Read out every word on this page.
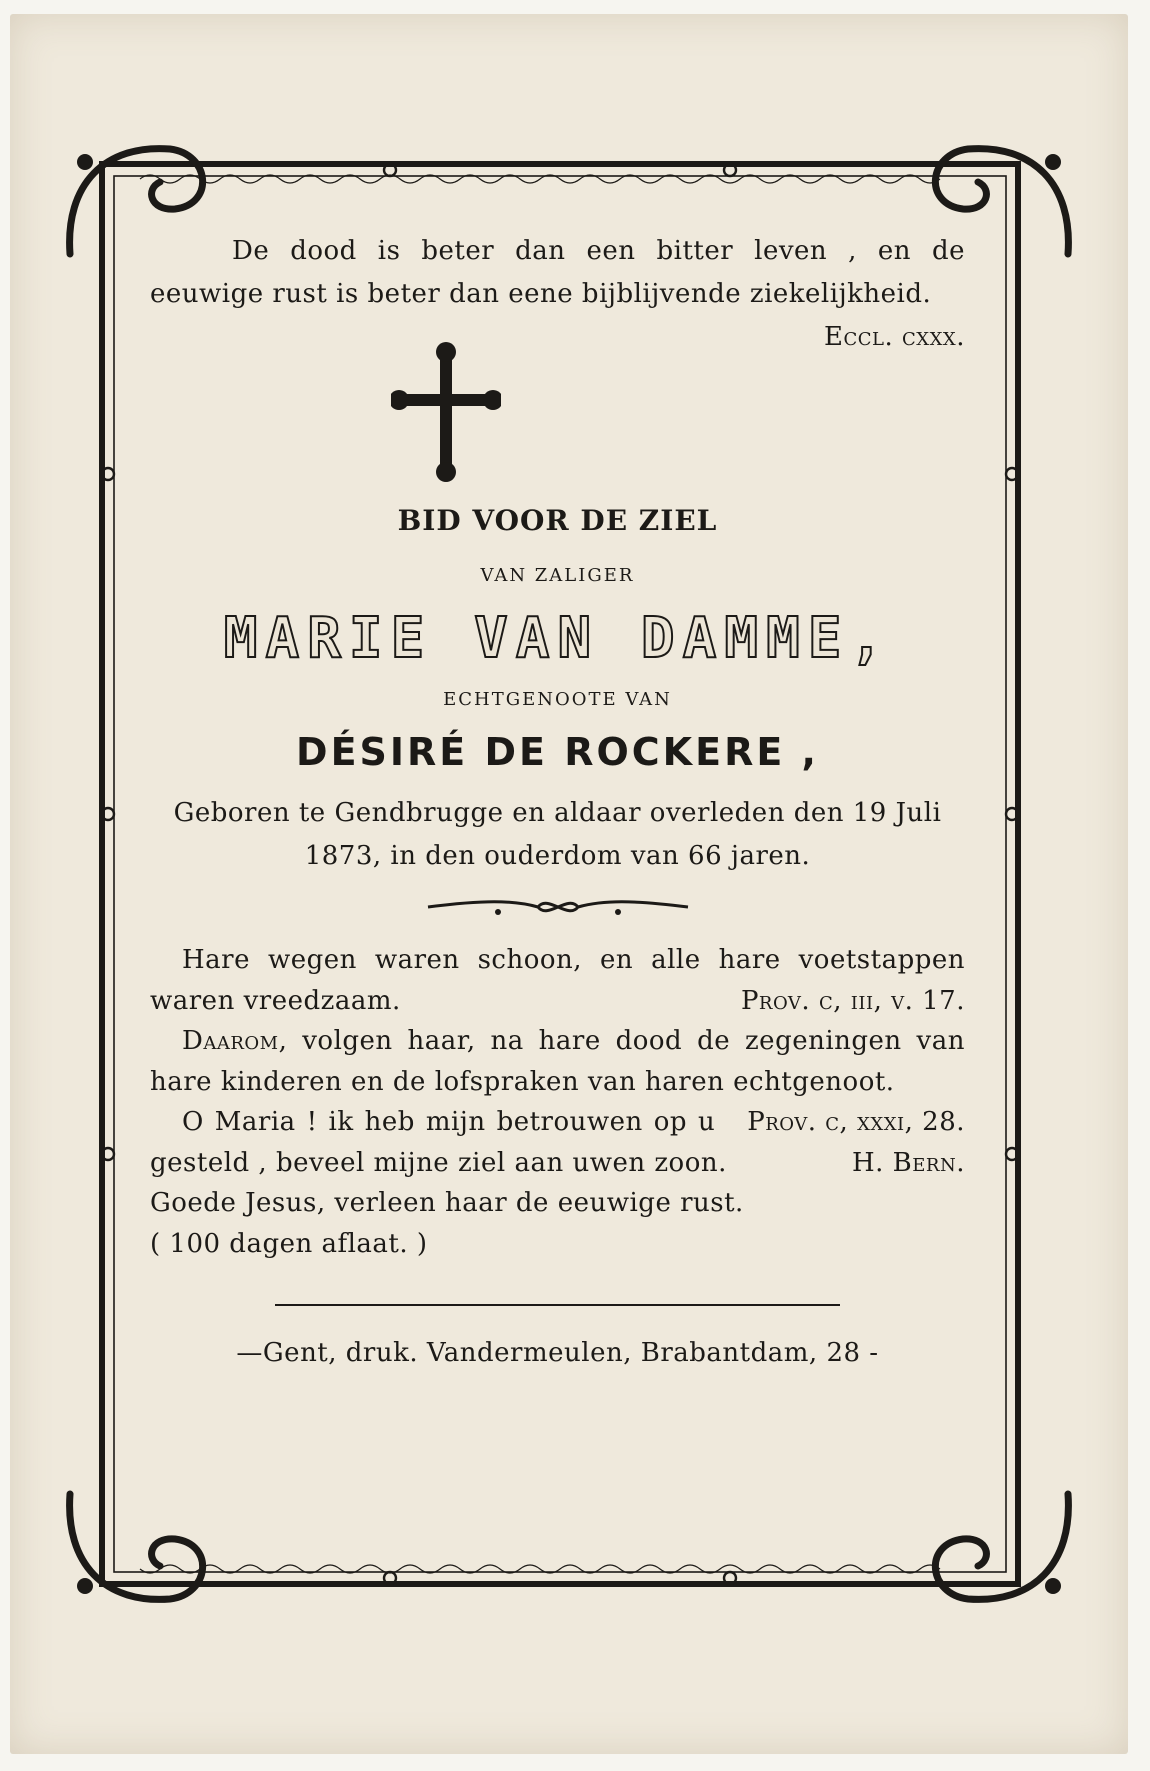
De dood is beter dan een bitter leven , en de eeuwige rust is beter dan eene bijblijvende ziekelijkheid.
Eccl. cxxx.
BID VOOR DE ZIEL
VAN ZALIGER
MARIE VAN DAMME,
ECHTGENOOTE VAN
DÉSIRÉ DE ROCKERE ,
Geboren te Gendbrugge en aldaar overleden den 19 Juli 1873, in den ouderdom van 66 jaren.

Hare wegen waren schoon, en alle hare voetstappen waren vreedzaam.	Prov. c, iii, v. 17.

Daarom, volgen haar, na hare dood de zegeningen van hare kinderen en de lofspraken van haren echtgenoot.
Prov. c, xxxi, 28.

O Maria ! ik heb mijn betrouwen op u gesteld , beveel mijne ziel aan uwen zoon.	H. Bern.

Goede Jesus, verleen haar de eeuwige rust.

( 100 dagen aflaat. )

—Gent, druk. Vandermeulen, Brabantdam, 28 -
